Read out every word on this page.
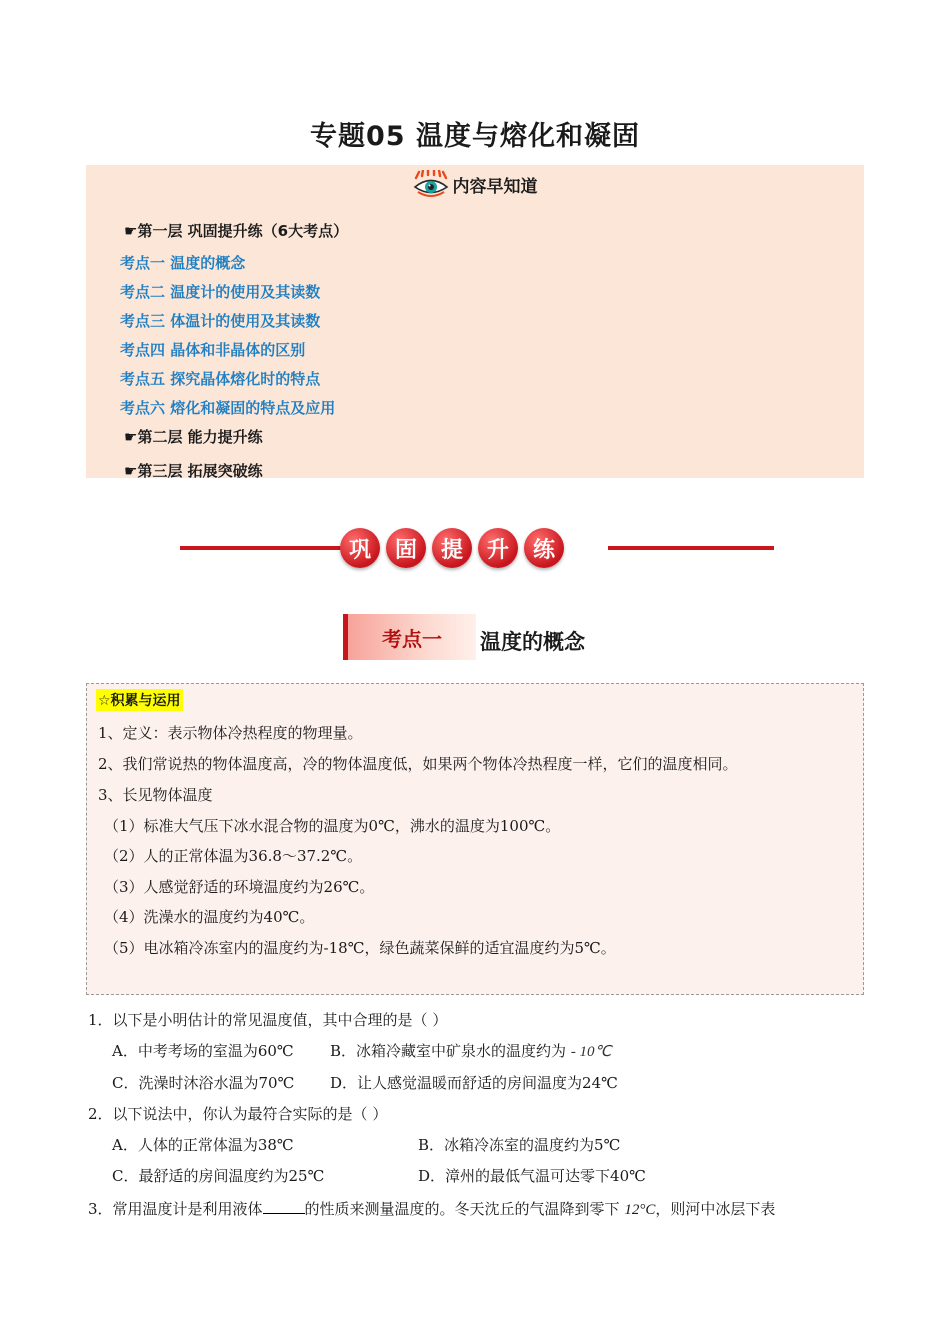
专题05 温度与熔化和凝固
内容早知道
☛第一层 巩固提升练（6大考点）
考点一 温度的概念
考点二 温度计的使用及其读数
考点三 体温计的使用及其读数
考点四 晶体和非晶体的区别
考点五 探究晶体熔化时的特点
考点六 熔化和凝固的特点及应用
☛第二层 能力提升练
☛第三层 拓展突破练
巩	固	提	升	练
考点一	温度的概念
☆积累与运用
1、定义：表示物体冷热程度的物理量。
2、我们常说热的物体温度高，冷的物体温度低，如果两个物体冷热程度一样，它们的温度相同。
3、长见物体温度
（1）标准大气压下冰水混合物的温度为0℃，沸水的温度为100℃。
（2）人的正常体温为36.8～37.2℃。
（3）人感觉舒适的环境温度约为26℃。
（4）洗澡水的温度约为40℃。
（5）电冰箱冷冻室内的温度约为-18℃，绿色蔬菜保鲜的适宜温度约为5℃。
1．以下是小明估计的常见温度值，其中合理的是（ ）
A．中考考场的室温为60℃ B．冰箱冷藏室中矿泉水的温度约为 - 10℃
C．洗澡时沐浴水温为70℃ D．让人感觉温暖而舒适的房间温度为24℃
2．以下说法中，你认为最符合实际的是（ ）
A．人体的正常体温为38℃	B．冰箱冷冻室的温度约为5℃
C．最舒适的房间温度约为25℃	D．漳州的最低气温可达零下40℃
3．常用温度计是利用液体	的性质来测量温度的。冬天沈丘的气温降到零下 12°C，则河中冰层下表
